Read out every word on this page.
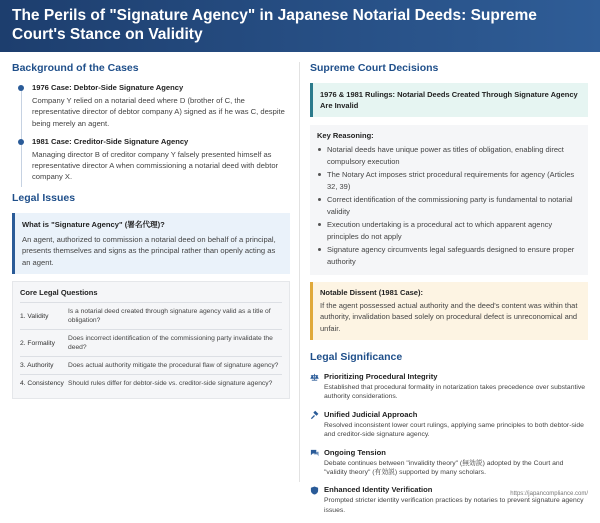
The Perils of "Signature Agency" in Japanese Notarial Deeds: Supreme Court's Stance on Validity
Background of the Cases
1976 Case: Debtor-Side Signature Agency
Company Y relied on a notarial deed where D (brother of C, the representative director of debtor company A) signed as if he was C, despite being merely an agent.
1981 Case: Creditor-Side Signature Agency
Managing director B of creditor company Y falsely presented himself as representative director A when commissioning a notarial deed with debtor company X.
Legal Issues
What is "Signature Agency" (署名代理)?
An agent, authorized to commission a notarial deed on behalf of a principal, presents themselves and signs as the principal rather than openly acting as an agent.
Core Legal Questions
1. Validity
Is a notarial deed created through signature agency valid as a title of obligation?
2. Formality
Does incorrect identification of the commissioning party invalidate the deed?
3. Authority	Does actual authority mitigate the procedural flaw of signature agency?
4. Consistency Should rules differ for debtor-side vs. creditor-side signature agency?
Supreme Court Decisions
1976 & 1981 Rulings: Notarial Deeds Created Through Signature Agency Are Invalid
Key Reasoning:
Notarial deeds have unique power as titles of obligation, enabling direct compulsory execution
The Notary Act imposes strict procedural requirements for agency (Articles 32, 39)
Correct identification of the commissioning party is fundamental to notarial validity
Execution undertaking is a procedural act to which apparent agency principles do not apply
Signature agency circumvents legal safeguards designed to ensure proper authority
Notable Dissent (1981 Case):
If the agent possessed actual authority and the deed's content was within that authority, invalidation based solely on procedural defect is unreconomical and unfair.
Legal Significance
Prioritizing Procedural Integrity
Established that procedural formality in notarization takes precedence over substantive authority considerations.
Unified Judicial Approach
Resolved inconsistent lower court rulings, applying same principles to both debtor-side and creditor-side signature agency.
Ongoing Tension
Debate continues between "invalidity theory" (無効説) adopted by the Court and "validity theory" (有効説) supported by many scholars.
Enhanced Identity Verification
Prompted stricter identity verification practices by notaries to prevent signature agency issues.
https://japancompliance.com/
